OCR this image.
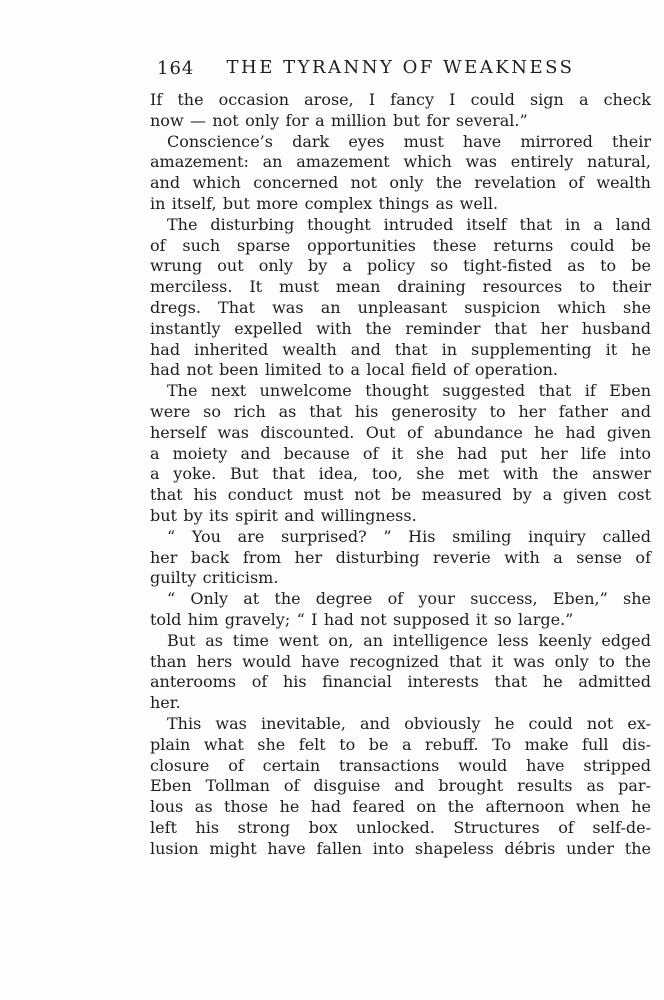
164	THE TYRANNY OF WEAKNESS
If the occasion arose, I fancy I could sign a check
now — not only for a million but for several.”
Conscience’s dark eyes must have mirrored their
amazement: an amazement which was entirely natural,
and which concerned not only the revelation of wealth
in itself, but more complex things as well.
The disturbing thought intruded itself that in a land
of such sparse opportunities these returns could be
wrung out only by a policy so tight-fisted as to be
merciless. It must mean draining resources to their
dregs. That was an unpleasant suspicion which she
instantly expelled with the reminder that her husband
had inherited wealth and that in supplementing it he
had not been limited to a local field of operation.
The next unwelcome thought suggested that if Eben
were so rich as that his generosity to her father and
herself was discounted. Out of abundance he had given
a moiety and because of it she had put her life into
a yoke. But that idea, too, she met with the answer
that his conduct must not be measured by a given cost
but by its spirit and willingness.
“ You are surprised? ” His smiling inquiry called
her back from her disturbing reverie with a sense of
guilty criticism.
“ Only at the degree of your success, Eben,” she
told him gravely; “ I had not supposed it so large.”
But as time went on, an intelligence less keenly edged
than hers would have recognized that it was only to the
anterooms of his financial interests that he admitted
her.
This was inevitable, and obviously he could not ex-
plain what she felt to be a rebuff. To make full dis-
closure of certain transactions would have stripped
Eben Tollman of disguise and brought results as par-
lous as those he had feared on the afternoon when he
left his strong box unlocked. Structures of self-de-
lusion might have fallen into shapeless débris under the
